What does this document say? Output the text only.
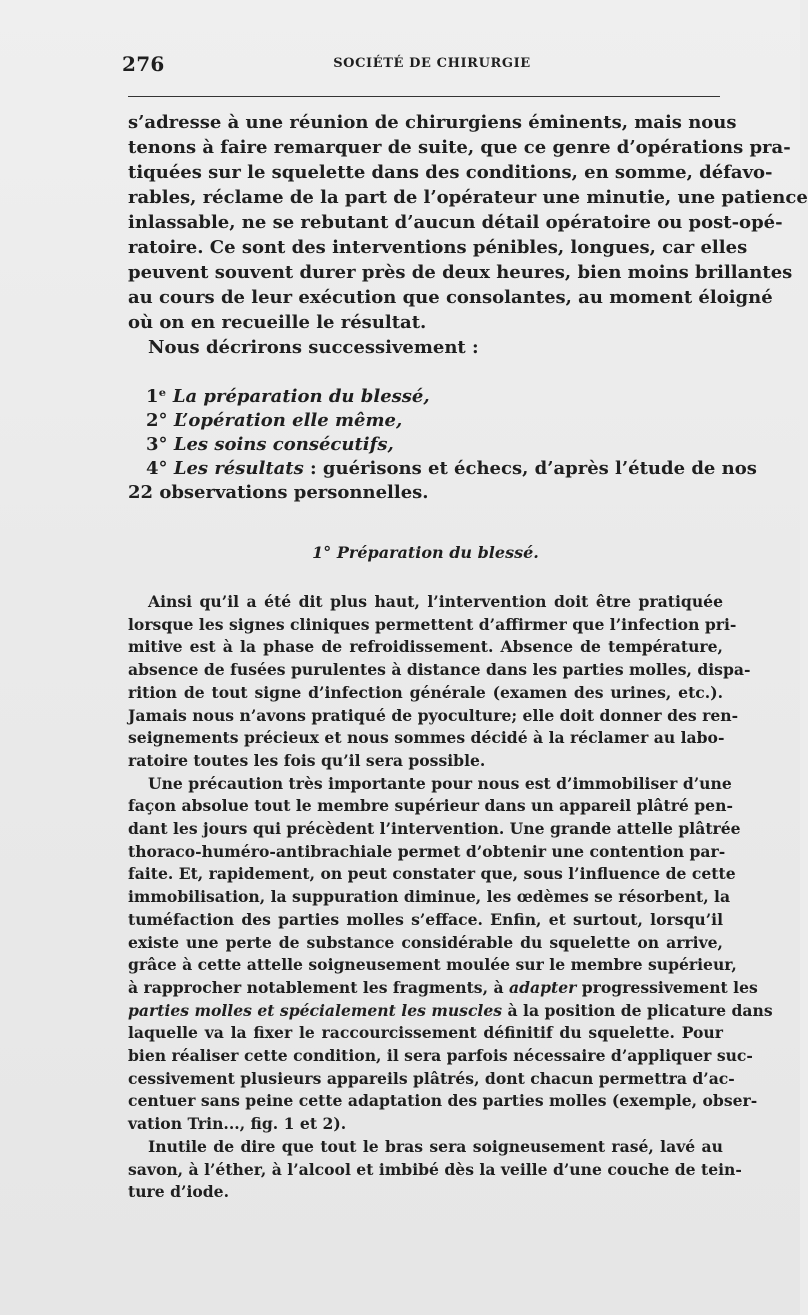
276	SOCIÉTÉ DE CHIRURGIE
s’adresse à une réunion de chirurgiens éminents, mais nous
tenons à faire remarquer de suite, que ce genre d’opérations pra-
tiquées sur le squelette dans des conditions, en somme, défavo-
rables, réclame de la part de l’opérateur une minutie, une patience
inlassable, ne se rebutant d’aucun détail opératoire ou post-opé-
ratoire. Ce sont des interventions pénibles, longues, car elles
peuvent souvent durer près de deux heures, bien moins brillantes
au cours de leur exécution que consolantes, au moment éloigné
où on en recueille le résultat.
Nous décrirons successivement :
1ᵉ La préparation du blessé,
2° L’opération elle même,
3° Les soins consécutifs,
4° Les résultats : guérisons et échecs, d’après l’étude de nos
22 observations personnelles.
1° Préparation du blessé.
Ainsi qu’il a été dit plus haut, l’intervention doit être pratiquée
lorsque les signes cliniques permettent d’affirmer que l’infection pri-
mitive est à la phase de refroidissement. Absence de température,
absence de fusées purulentes à distance dans les parties molles, dispa-
rition de tout signe d’infection générale (examen des urines, etc.).
Jamais nous n’avons pratiqué de pyoculture; elle doit donner des ren-
seignements précieux et nous sommes décidé à la réclamer au labo-
ratoire toutes les fois qu’il sera possible.
Une précaution très importante pour nous est d’immobiliser d’une
façon absolue tout le membre supérieur dans un appareil plâtré pen-
dant les jours qui précèdent l’intervention. Une grande attelle plâtrée
thoraco-huméro-antibrachiale permet d’obtenir une contention par-
faite. Et, rapidement, on peut constater que, sous l’influence de cette
immobilisation, la suppuration diminue, les œdèmes se résorbent, la
tuméfaction des parties molles s’efface. Enfin, et surtout, lorsqu’il
existe une perte de substance considérable du squelette on arrive,
grâce à cette attelle soigneusement moulée sur le membre supérieur,
à rapprocher notablement les fragments, à adapter progressivement les
parties molles et spécialement les muscles à la position de plicature dans
laquelle va la fixer le raccourcissement définitif du squelette. Pour
bien réaliser cette condition, il sera parfois nécessaire d’appliquer suc-
cessivement plusieurs appareils plâtrés, dont chacun permettra d’ac-
centuer sans peine cette adaptation des parties molles (exemple, obser-
vation Trin..., fig. 1 et 2).
Inutile de dire que tout le bras sera soigneusement rasé, lavé au
savon, à l’éther, à l’alcool et imbibé dès la veille d’une couche de tein-
ture d’iode.
